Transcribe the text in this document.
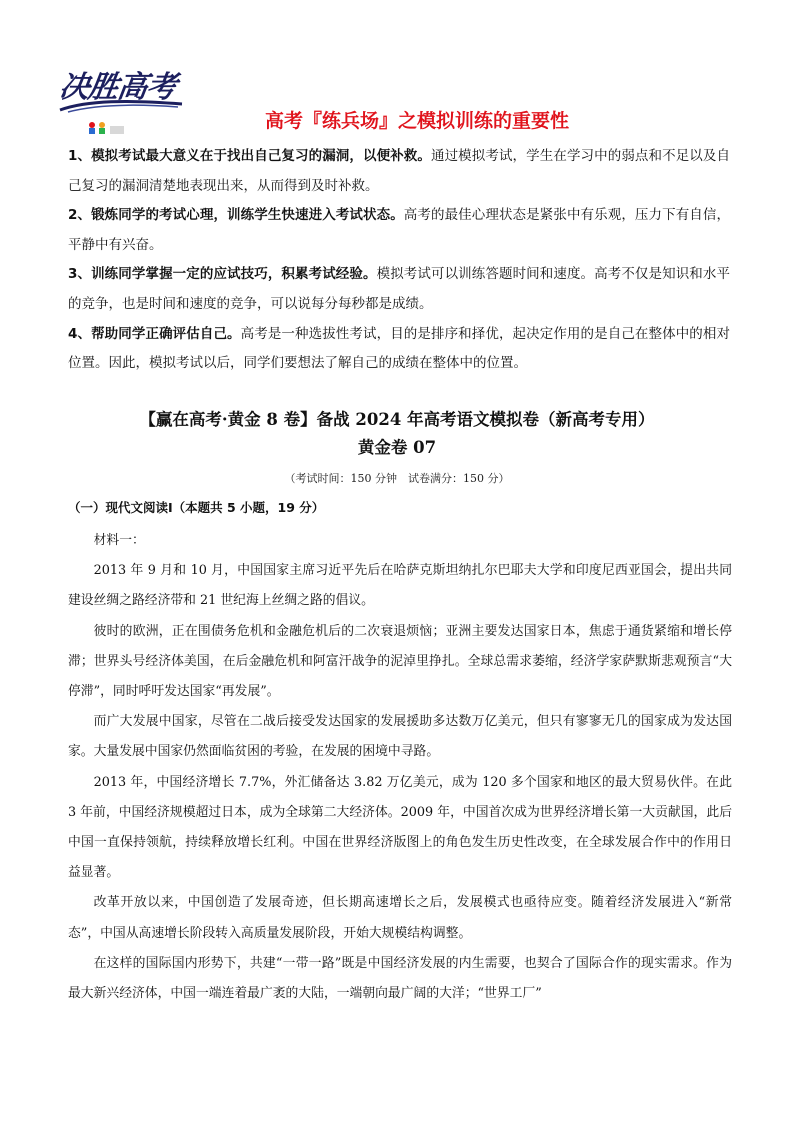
决胜高考
高考『练兵场』之模拟训练的重要性

1、模拟考试最大意义在于找出自己复习的漏洞，以便补救。通过模拟考试，学生在学习中的弱点和不足以及自己复习的漏洞清楚地表现出来，从而得到及时补救。

2、锻炼同学的考试心理，训练学生快速进入考试状态。高考的最佳心理状态是紧张中有乐观，压力下有自信，平静中有兴奋。

3、训练同学掌握一定的应试技巧，积累考试经验。模拟考试可以训练答题时间和速度。高考不仅是知识和水平的竞争，也是时间和速度的竞争，可以说每分每秒都是成绩。

4、帮助同学正确评估自己。高考是一种选拔性考试，目的是排序和择优，起决定作用的是自己在整体中的相对位置。因此，模拟考试以后，同学们要想法了解自己的成绩在整体中的位置。

【赢在高考·黄金 8 卷】备战 2024 年高考语文模拟卷（新高考专用）
黄金卷 07
（考试时间：150 分钟　试卷满分：150 分）
（一）现代文阅读Ⅰ（本题共 5 小题，19 分）

材料一：

2013 年 9 月和 10 月，中国国家主席习近平先后在哈萨克斯坦纳扎尔巴耶夫大学和印度尼西亚国会，提出共同建设丝绸之路经济带和 21 世纪海上丝绸之路的倡议。

彼时的欧洲，正在围债务危机和金融危机后的二次衰退烦恼；亚洲主要发达国家日本，焦虑于通货紧缩和增长停滞；世界头号经济体美国，在后金融危机和阿富汗战争的泥淖里挣扎。全球总需求萎缩，经济学家萨默斯悲观预言“大停滞”，同时呼吁发达国家“再发展”。

而广大发展中国家，尽管在二战后接受发达国家的发展援助多达数万亿美元，但只有寥寥无几的国家成为发达国家。大量发展中国家仍然面临贫困的考验，在发展的困境中寻路。

2013 年，中国经济增长 7.7%，外汇储备达 3.82 万亿美元，成为 120 多个国家和地区的最大贸易伙伴。在此 3 年前，中国经济规模超过日本，成为全球第二大经济体。2009 年，中国首次成为世界经济增长第一大贡献国，此后中国一直保持领航，持续释放增长红利。中国在世界经济版图上的角色发生历史性改变，在全球发展合作中的作用日益显著。

改革开放以来，中国创造了发展奇迹，但长期高速增长之后，发展模式也亟待应变。随着经济发展进入“新常态”，中国从高速增长阶段转入高质量发展阶段，开始大规模结构调整。

在这样的国际国内形势下，共建“一带一路”既是中国经济发展的内生需要，也契合了国际合作的现实需求。作为最大新兴经济体，中国一端连着最广袤的大陆，一端朝向最广阔的大洋；“世界工厂”
